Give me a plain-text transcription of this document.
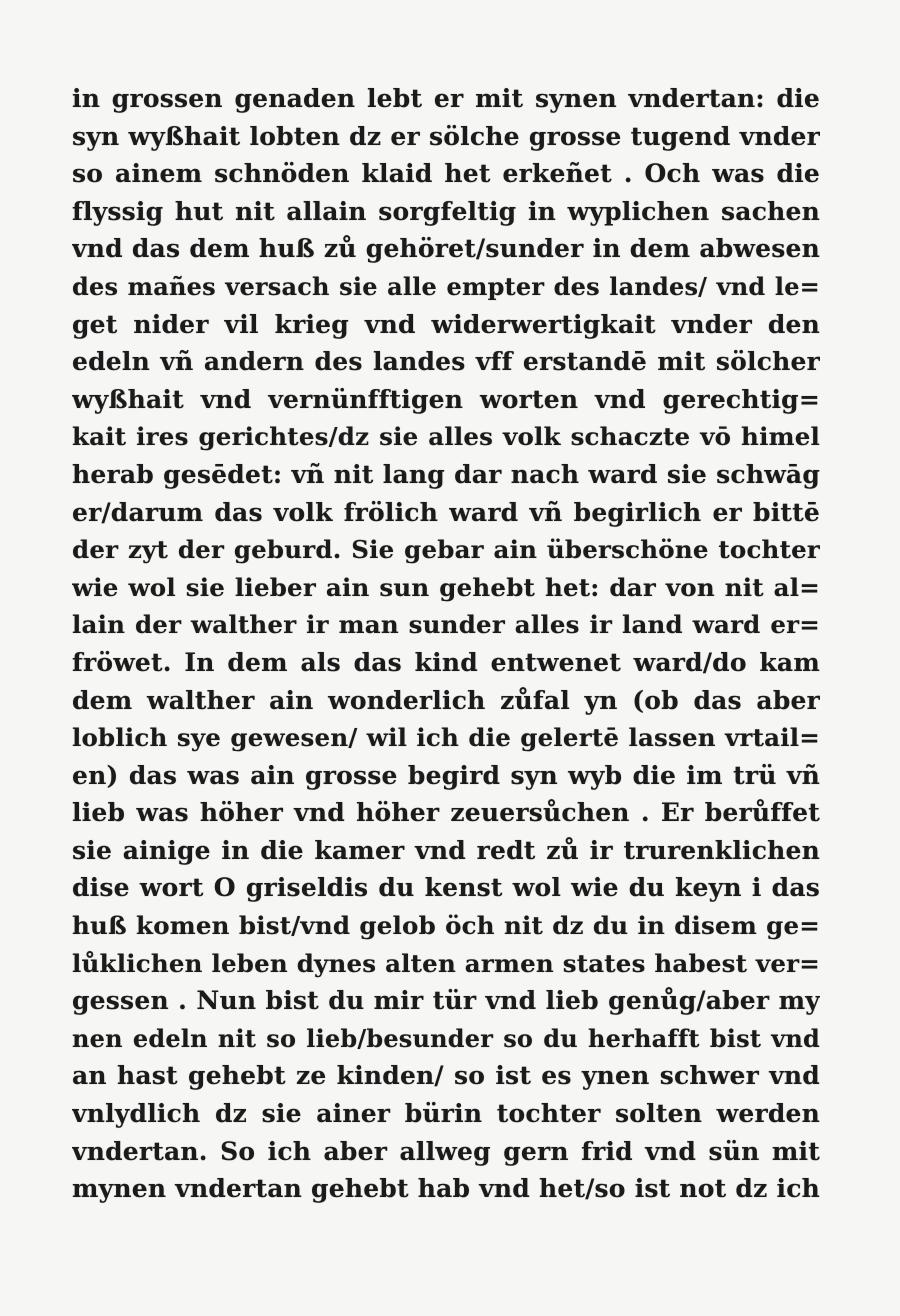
in grossen genaden lebt er mit synen vndertan: die
syn wyßhait lobten dz er sölche grosse tugend vnder
so ainem schnöden klaid het erkeñet . Och was die
flyssig hut nit allain sorgfeltig in wyplichen sachen
vnd das dem huß zů gehöret/sunder in dem abwesen
des mañes versach sie alle empter des landes/ vnd le=
get nider vil krieg vnd widerwertigkait vnder den
edeln vñ andern des landes vff erstandē mit sölcher
wyßhait vnd vernünfftigen worten vnd gerechtig=
kait ires gerichtes/dz sie alles volk schaczte vō himel
herab gesēdet: vñ nit lang dar nach ward sie schwāg
er/darum das volk frölich ward vñ begirlich er bittē
der zyt der geburd. Sie gebar ain überschöne tochter
wie wol sie lieber ain sun gehebt het: dar von nit al=
lain der walther ir man sunder alles ir land ward er=
fröwet. In dem als das kind entwenet ward/do kam
dem walther ain wonderlich zůfal yn (ob das aber
loblich sye gewesen/ wil ich die gelertē lassen vrtail=
en) das was ain grosse begird syn wyb die im trü vñ
lieb was höher vnd höher zeuersůchen . Er berůffet
sie ainige in die kamer vnd redt zů ir trurenklichen
dise wort O griseldis du kenst wol wie du keyn i das
huß komen bist/vnd gelob öch nit dz du in disem ge=
lůklichen leben dynes alten armen states habest ver=
gessen . Nun bist du mir tür vnd lieb genůg/aber my
nen edeln nit so lieb/besunder so du herhafft bist vnd
an hast gehebt ze kinden/ so ist es ynen schwer vnd
vnlydlich dz sie ainer bürin tochter solten werden
vndertan. So ich aber allweg gern frid vnd sün mit
mynen vndertan gehebt hab vnd het/so ist not dz ich
